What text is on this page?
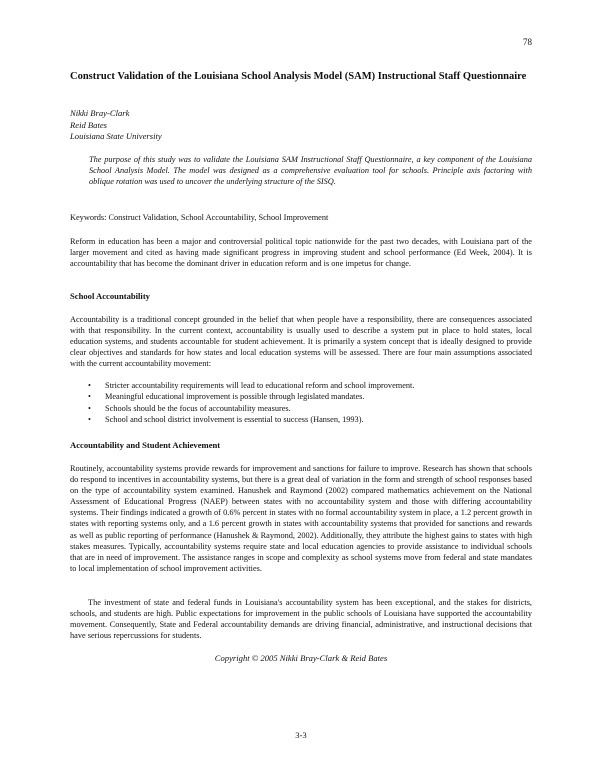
78
Construct Validation of the Louisiana School Analysis Model (SAM) Instructional Staff Questionnaire
Nikki Bray-Clark
Reid Bates
Louisiana State University
The purpose of this study was to validate the Louisiana SAM Instructional Staff Questionnaire, a key component of the Louisiana School Analysis Model. The model was designed as a comprehensive evaluation tool for schools. Principle axis factoring with oblique rotation was used to uncover the underlying structure of the SISQ.

Keywords: Construct Validation, School Accountability, School Improvement

Reform in education has been a major and controversial political topic nationwide for the past two decades, with Louisiana part of the larger movement and cited as having made significant progress in improving student and school performance (Ed Week, 2004). It is accountability that has become the dominant driver in education reform and is one impetus for change.

School Accountability

Accountability is a traditional concept grounded in the belief that when people have a responsibility, there are consequences associated with that responsibility. In the current context, accountability is usually used to describe a system put in place to hold states, local education systems, and students accountable for student achievement. It is primarily a system concept that is ideally designed to provide clear objectives and standards for how states and local education systems will be assessed. There are four main assumptions associated with the current accountability movement:

• Stricter accountability requirements will lead to educational reform and school improvement.
• Meaningful educational improvement is possible through legislated mandates.
• Schools should be the focus of accountability measures.
• School and school district involvement is essential to success (Hansen, 1993).
Accountability and Student Achievement

Routinely, accountability systems provide rewards for improvement and sanctions for failure to improve. Research has shown that schools do respond to incentives in accountability systems, but there is a great deal of variation in the form and strength of school responses based on the type of accountability system examined. Hanushek and Raymond (2002) compared mathematics achievement on the National Assessment of Educational Progress (NAEP) between states with no accountability system and those with differing accountability systems. Their findings indicated a growth of 0.6% percent in states with no formal accountability system in place, a 1.2 percent growth in states with reporting systems only, and a 1.6 percent growth in states with accountability systems that provided for sanctions and rewards as well as public reporting of performance (Hanushek & Raymond, 2002). Additionally, they attribute the highest gains to states with high stakes measures. Typically, accountability systems require state and local education agencies to provide assistance to individual schools that are in need of improvement. The assistance ranges in scope and complexity as school systems move from federal and state mandates to local implementation of school improvement activities.

The investment of state and federal funds in Louisiana's accountability system has been exceptional, and the stakes for districts, schools, and students are high. Public expectations for improvement in the public schools of Louisiana have supported the accountability movement. Consequently, State and Federal accountability demands are driving financial, administrative, and instructional decisions that have serious repercussions for students.

Copyright © 2005 Nikki Bray-Clark & Reid Bates
3-3
